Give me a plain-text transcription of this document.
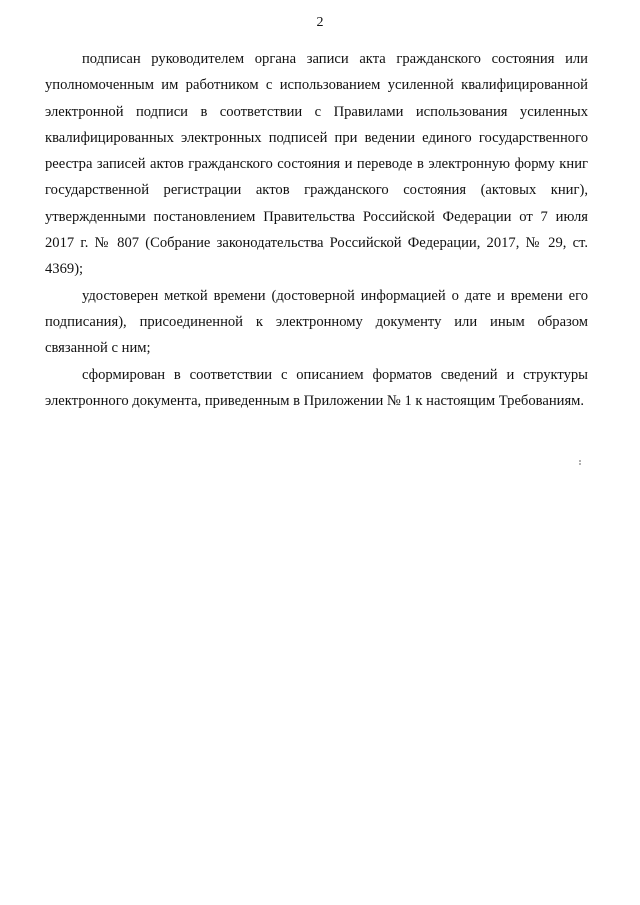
2

подписан руководителем органа записи акта гражданского состояния или уполномоченным им работником с использованием усиленной квалифицированной электронной подписи в соответствии с Правилами использования усиленных квалифицированных электронных подписей при ведении единого государственного реестра записей актов гражданского состояния и переводе в электронную форму книг государственной регистрации актов гражданского состояния (актовых книг), утвержденными постановлением Правительства Российской Федерации от 7 июля 2017 г. № 807 (Собрание законодательства Российской Федерации, 2017, № 29, ст. 4369);

удостоверен меткой времени (достоверной информацией о дате и времени его подписания), присоединенной к электронному документу или иным образом связанной с ним;

сформирован в соответствии с описанием форматов сведений и структуры электронного документа, приведенным в Приложении № 1 к настоящим Требованиям.
